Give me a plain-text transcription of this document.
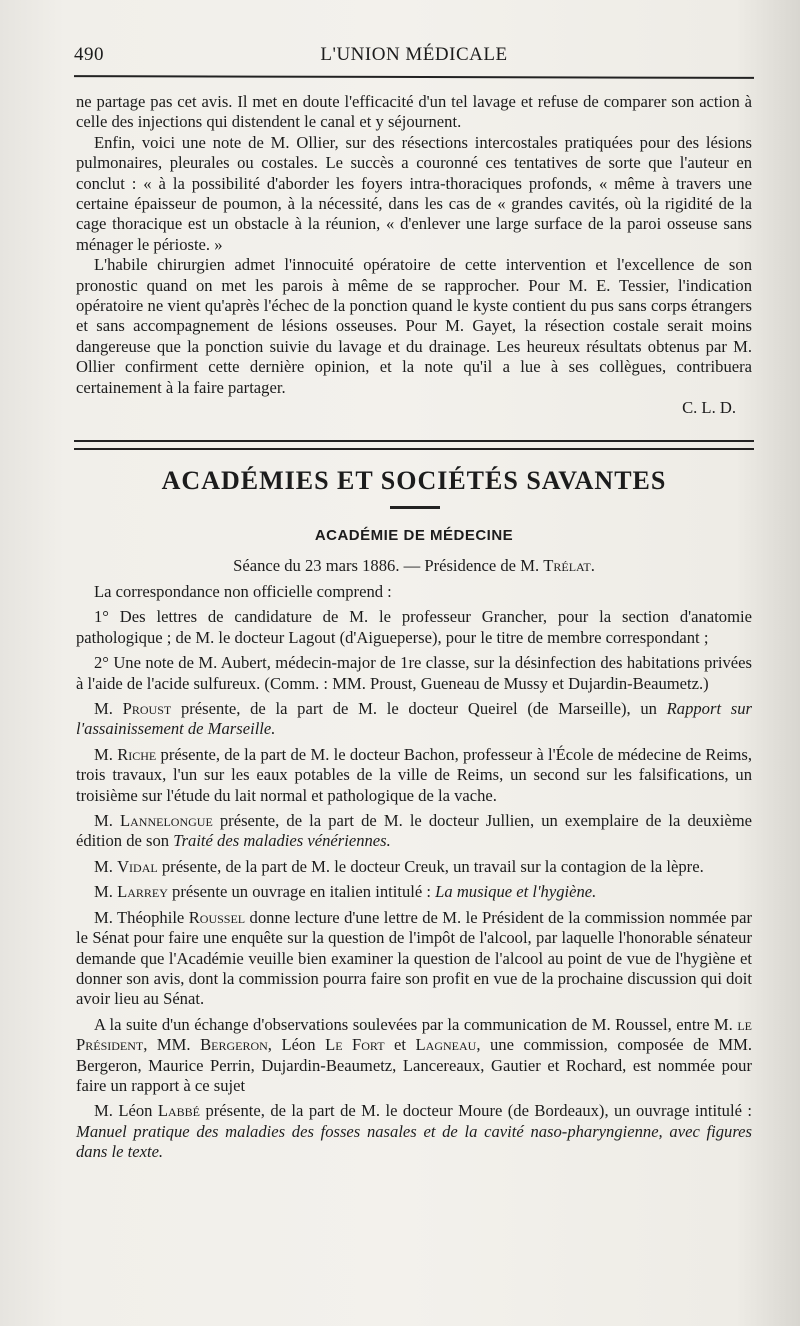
490	L'UNION MÉDICALE

ne partage pas cet avis. Il met en doute l'efficacité d'un tel lavage et refuse de comparer son action à celle des injections qui distendent le canal et y séjournent.

Enfin, voici une note de M. Ollier, sur des résections intercostales pratiquées pour des lésions pulmonaires, pleurales ou costales. Le succès a couronné ces tentatives de sorte que l'auteur en conclut : « à la possibilité d'aborder les foyers intra-thoraciques profonds, « même à travers une certaine épaisseur de poumon, à la nécessité, dans les cas de « grandes cavités, où la rigidité de la cage thoracique est un obstacle à la réunion, « d'enlever une large surface de la paroi osseuse sans ménager le périoste. »

L'habile chirurgien admet l'innocuité opératoire de cette intervention et l'excellence de son pronostic quand on met les parois à même de se rapprocher. Pour M. E. Tessier, l'indication opératoire ne vient qu'après l'échec de la ponction quand le kyste contient du pus sans corps étrangers et sans accompagnement de lésions osseuses. Pour M. Gayet, la résection costale serait moins dangereuse que la ponction suivie du lavage et du drainage. Les heureux résultats obtenus par M. Ollier confirment cette dernière opinion, et la note qu'il a lue à ses collègues, contribuera certainement à la faire partager.

C. L. D.

ACADÉMIES ET SOCIÉTÉS SAVANTES
ACADÉMIE DE MÉDECINE
Séance du 23 mars 1886. — Présidence de M. Trélat.

La correspondance non officielle comprend :

1° Des lettres de candidature de M. le professeur Grancher, pour la section d'anatomie pathologique ; de M. le docteur Lagout (d'Aigueperse), pour le titre de membre correspondant ;

2° Une note de M. Aubert, médecin-major de 1re classe, sur la désinfection des habitations privées à l'aide de l'acide sulfureux. (Comm. : MM. Proust, Gueneau de Mussy et Dujardin-Beaumetz.)

M. Proust présente, de la part de M. le docteur Queirel (de Marseille), un Rapport sur l'assainissement de Marseille.

M. Riche présente, de la part de M. le docteur Bachon, professeur à l'École de médecine de Reims, trois travaux, l'un sur les eaux potables de la ville de Reims, un second sur les falsifications, un troisième sur l'étude du lait normal et pathologique de la vache.

M. Lannelongue présente, de la part de M. le docteur Jullien, un exemplaire de la deuxième édition de son Traité des maladies vénériennes.

M. Vidal présente, de la part de M. le docteur Creuk, un travail sur la contagion de la lèpre.

M. Larrey présente un ouvrage en italien intitulé : La musique et l'hygiène.

M. Théophile Roussel donne lecture d'une lettre de M. le Président de la commission nommée par le Sénat pour faire une enquête sur la question de l'impôt de l'alcool, par laquelle l'honorable sénateur demande que l'Académie veuille bien examiner la question de l'alcool au point de vue de l'hygiène et donner son avis, dont la commission pourra faire son profit en vue de la prochaine discussion qui doit avoir lieu au Sénat.

A la suite d'un échange d'observations soulevées par la communication de M. Roussel, entre M. le Président, MM. Bergeron, Léon Le Fort et Lagneau, une commission, composée de MM. Bergeron, Maurice Perrin, Dujardin-Beaumetz, Lancereaux, Gautier et Rochard, est nommée pour faire un rapport à ce sujet

M. Léon Labbé présente, de la part de M. le docteur Moure (de Bordeaux), un ouvrage intitulé : Manuel pratique des maladies des fosses nasales et de la cavité naso-pharyngienne, avec figures dans le texte.
